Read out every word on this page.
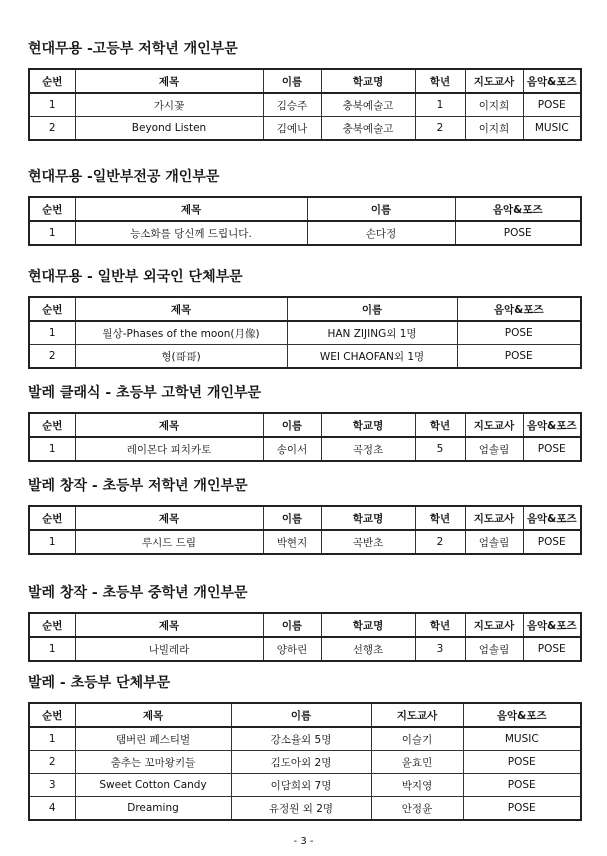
현대무용 -고등부 저학년 개인부문
순번	제목	이름	학교명	학년	지도교사	음악&포즈
1	가시꽃	김승주	충북예술고	1	이지희	POSE
2	Beyond Listen	김예나	충북예술고	2	이지희	MUSIC
현대무용 -일반부전공 개인부문
순번	제목	이름	음악&포즈
1	능소화를 당신께 드립니다.	손다정	POSE
현대무용 - 일반부 외국인 단체부문
순번	제목	이름	음악&포즈
1	월상-Phases of the moon(月像)	HAN ZIJING외 1명	POSE
2	형(哥哥)	WEI CHAOFAN외 1명	POSE
발레 클래식 - 초등부 고학년 개인부문
순번	제목	이름	학교명	학년	지도교사	음악&포즈
1	레이몬다 피치카토	송이서	곡정초	5	엄솔림	POSE
발레 창작 - 초등부 저학년 개인부문
순번	제목	이름	학교명	학년	지도교사	음악&포즈
1	루시드 드림	박현지	곡반초	2	엄솔림	POSE
발레 창작 - 초등부 중학년 개인부문
순번	제목	이름	학교명	학년	지도교사	음악&포즈
1	나빌레라	양하린	선행초	3	엄솔림	POSE
발레 - 초등부 단체부문
순번	제목	이름	지도교사	음악&포즈
1	탬버린 페스티벌	강소율외 5명	이슬기	MUSIC
2	춤추는 꼬마왕키들	김도아외 2명	윤효민	POSE
3	Sweet Cotton Candy	이담희외 7명	박지영	POSE
4	Dreaming	유정원 외 2명	안정윤	POSE
- 3 -
